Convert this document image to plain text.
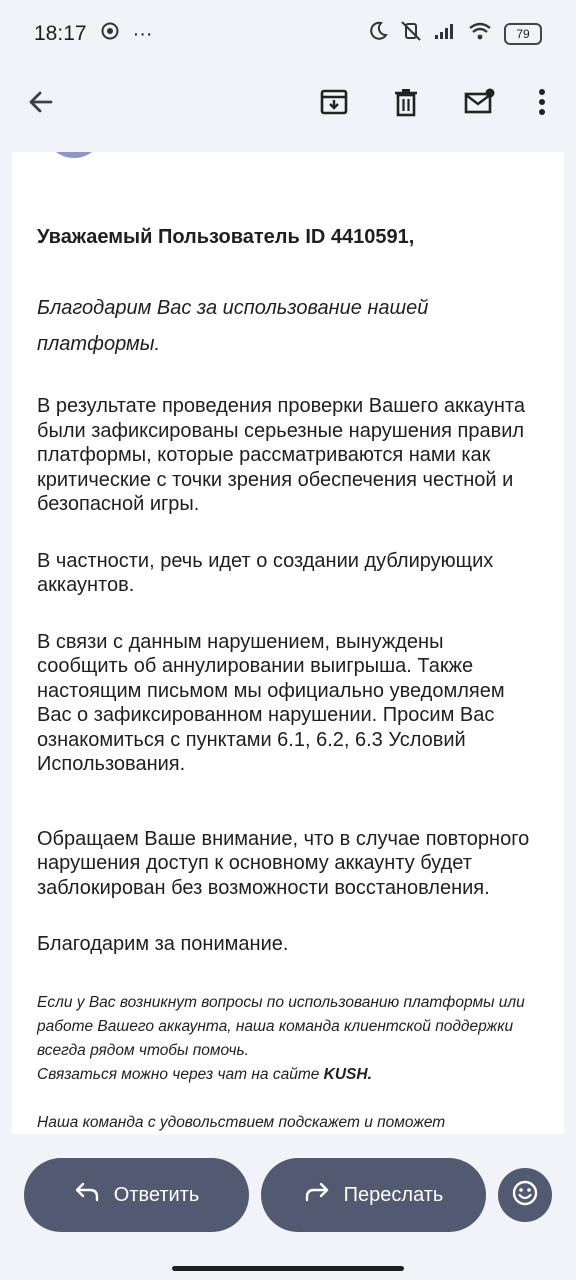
18:17 ···	79

Уважаемый Пользователь ID 4410591,

Благодарим Вас за использование нашей платформы.

В результате проведения проверки Вашего аккаунта были зафиксированы серьезные нарушения правил платформы, которые рассматриваются нами как критические с точки зрения обеспечения честной и безопасной игры.

В частности, речь идет о создании дублирующих аккаунтов.

В связи с данным нарушением, вынуждены сообщить об аннулировании выигрыша. Также настоящим письмом мы официально уведомляем Вас о зафиксированном нарушении. Просим Вас ознакомиться с пунктами 6.1, 6.2, 6.3 Условий Использования.

Обращаем Ваше внимание, что в случае повторного нарушения доступ к основному аккаунту будет заблокирован без возможности восстановления.

Благодарим за понимание.

Если у Вас возникнут вопросы по использованию платформы или работе Вашего аккаунта, наша команда клиентской поддержки всегда рядом чтобы помочь.
Связаться можно через чат на сайте KUSH.

Наша команда с удовольствием подскажет и поможет

Ответить	Переслать
